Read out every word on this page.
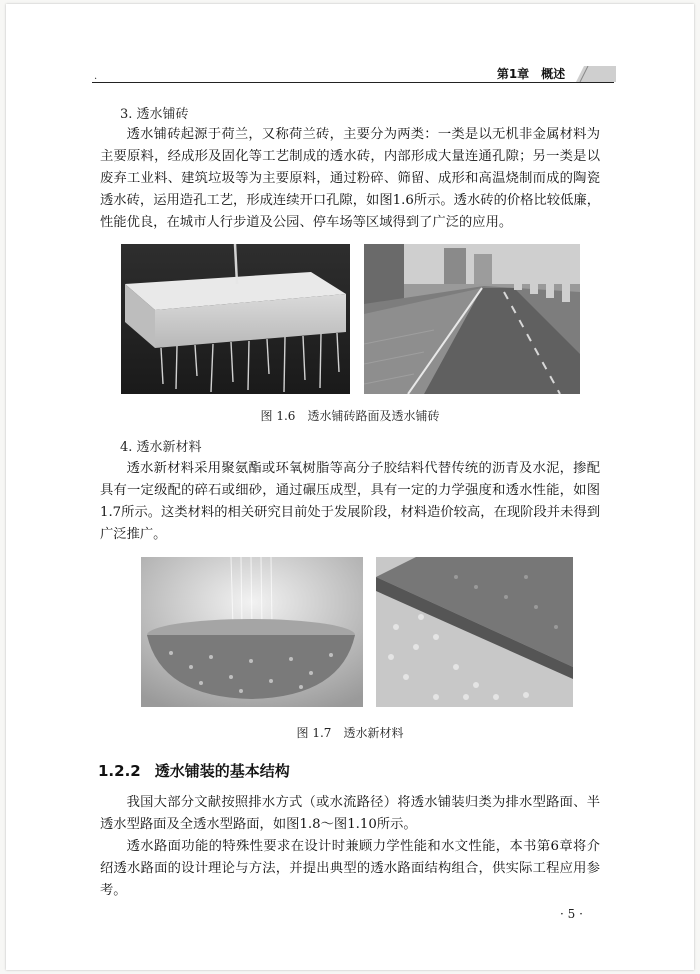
.	第1章　概述
3. 透水铺砖
透水铺砖起源于荷兰，又称荷兰砖，主要分为两类：一类是以无机非金属材料为主要原料，经成形及固化等工艺制成的透水砖，内部形成大量连通孔隙；另一类是以废弃工业料、建筑垃圾等为主要原料，通过粉碎、筛留、成形和高温烧制而成的陶瓷透水砖，运用造孔工艺，形成连续开口孔隙，如图1.6所示。透水砖的价格比较低廉，性能优良，在城市人行步道及公园、停车场等区域得到了广泛的应用。
图 1.6　透水铺砖路面及透水铺砖
4. 透水新材料
透水新材料采用聚氨酯或环氧树脂等高分子胶结料代替传统的沥青及水泥，掺配具有一定级配的碎石或细砂，通过碾压成型，具有一定的力学强度和透水性能，如图1.7所示。这类材料的相关研究目前处于发展阶段，材料造价较高，在现阶段并未得到广泛推广。
图 1.7　透水新材料
1.2.2 透水铺装的基本结构
我国大部分文献按照排水方式（或水流路径）将透水铺装归类为排水型路面、半透水型路面及全透水型路面，如图1.8～图1.10所示。
透水路面功能的特殊性要求在设计时兼顾力学性能和水文性能，本书第6章将介绍透水路面的设计理论与方法，并提出典型的透水路面结构组合，供实际工程应用参考。
· 5 ·
